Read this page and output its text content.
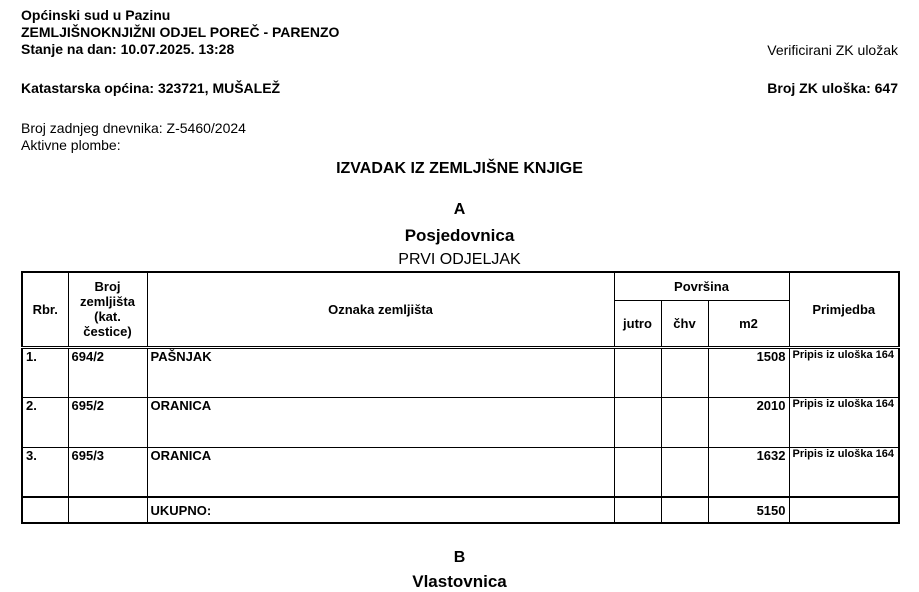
Općinski sud u Pazinu
ZEMLJIŠNOKNJIŽNI ODJEL POREČ - PARENZO
Stanje na dan: 10.07.2025. 13:28	Verificirani ZK uložak
Katastarska općina: 323721, MUŠALEŽ	Broj ZK uloška: 647
Broj zadnjeg dnevnika: Z-5460/2024
Aktivne plombe:
IZVADAK IZ ZEMLJIŠNE KNJIGE
A
Posjedovnica
PRVI ODJELJAK
Rbr.	Broj zemljišta (kat. čestice)	Oznaka zemljišta	Površina			Primjedba
			jutro	čhv	m2	
1.	694/2	PAŠNJAK			1508	Pripis iz uloška 164
2.	695/2	ORANICA			2010	Pripis iz uloška 164
3.	695/3	ORANICA			1632	Pripis iz uloška 164
		UKUPNO:			5150	
B
Vlastovnica
